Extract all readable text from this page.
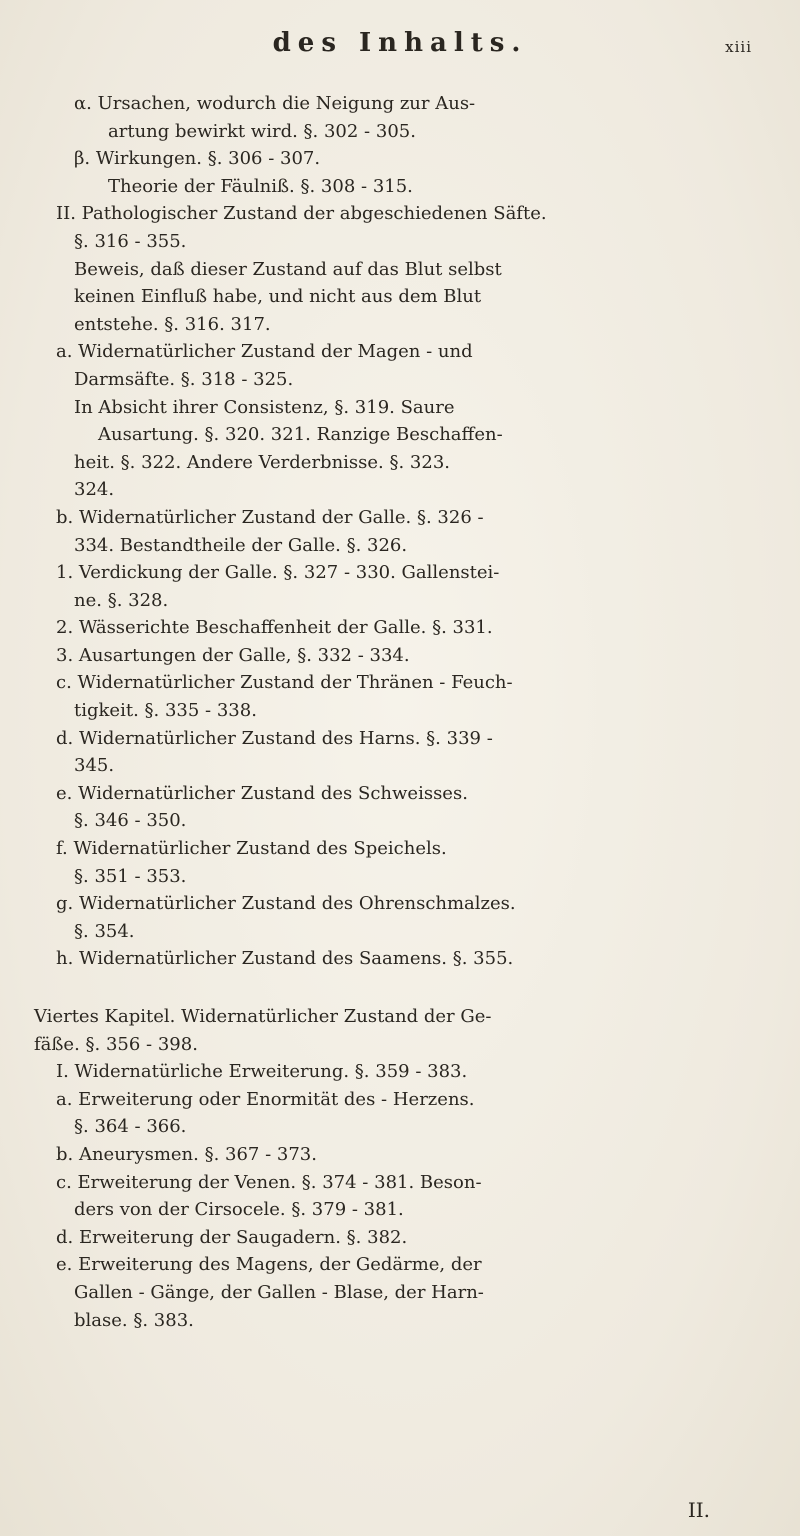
des Inhalts.	xiii
α. Ursachen, wodurch die Neigung zur Aus-
artung bewirkt wird. §. 302 - 305.
β. Wirkungen. §. 306 - 307.
Theorie der Fäulniß. §. 308 - 315.
II. Pathologischer Zustand der abgeschiedenen Säfte.
§. 316 - 355.
Beweis, daß dieser Zustand auf das Blut selbst
keinen Einfluß habe, und nicht aus dem Blut
entstehe. §. 316. 317.
a. Widernatürlicher Zustand der Magen - und
Darmsäfte. §. 318 - 325.
In Absicht ihrer Consistenz, §. 319. Saure
Ausartung. §. 320. 321. Ranzige Beschaffen-
heit. §. 322. Andere Verderbnisse. §. 323.
324.
b. Widernatürlicher Zustand der Galle. §. 326 -
334. Bestandtheile der Galle. §. 326.
1. Verdickung der Galle. §. 327 - 330. Gallenstei-
ne. §. 328.
2. Wässerichte Beschaffenheit der Galle. §. 331.
3. Ausartungen der Galle, §. 332 - 334.
c. Widernatürlicher Zustand der Thränen - Feuch-
tigkeit. §. 335 - 338.
d. Widernatürlicher Zustand des Harns. §. 339 -
345.
e. Widernatürlicher Zustand des Schweisses.
§. 346 - 350.
f. Widernatürlicher Zustand des Speichels.
§. 351 - 353.
g. Widernatürlicher Zustand des Ohrenschmalzes.
§. 354.
h. Widernatürlicher Zustand des Saamens. §. 355.
Viertes Kapitel. Widernatürlicher Zustand der Ge-
fäße. §. 356 - 398.
I. Widernatürliche Erweiterung. §. 359 - 383.
a. Erweiterung oder Enormität des - Herzens.
§. 364 - 366.
b. Aneurysmen. §. 367 - 373.
c. Erweiterung der Venen. §. 374 - 381. Beson-
ders von der Cirsocele. §. 379 - 381.
d. Erweiterung der Saugadern. §. 382.
e. Erweiterung des Magens, der Gedärme, der
Gallen - Gänge, der Gallen - Blase, der Harn-
blase. §. 383.
II.
